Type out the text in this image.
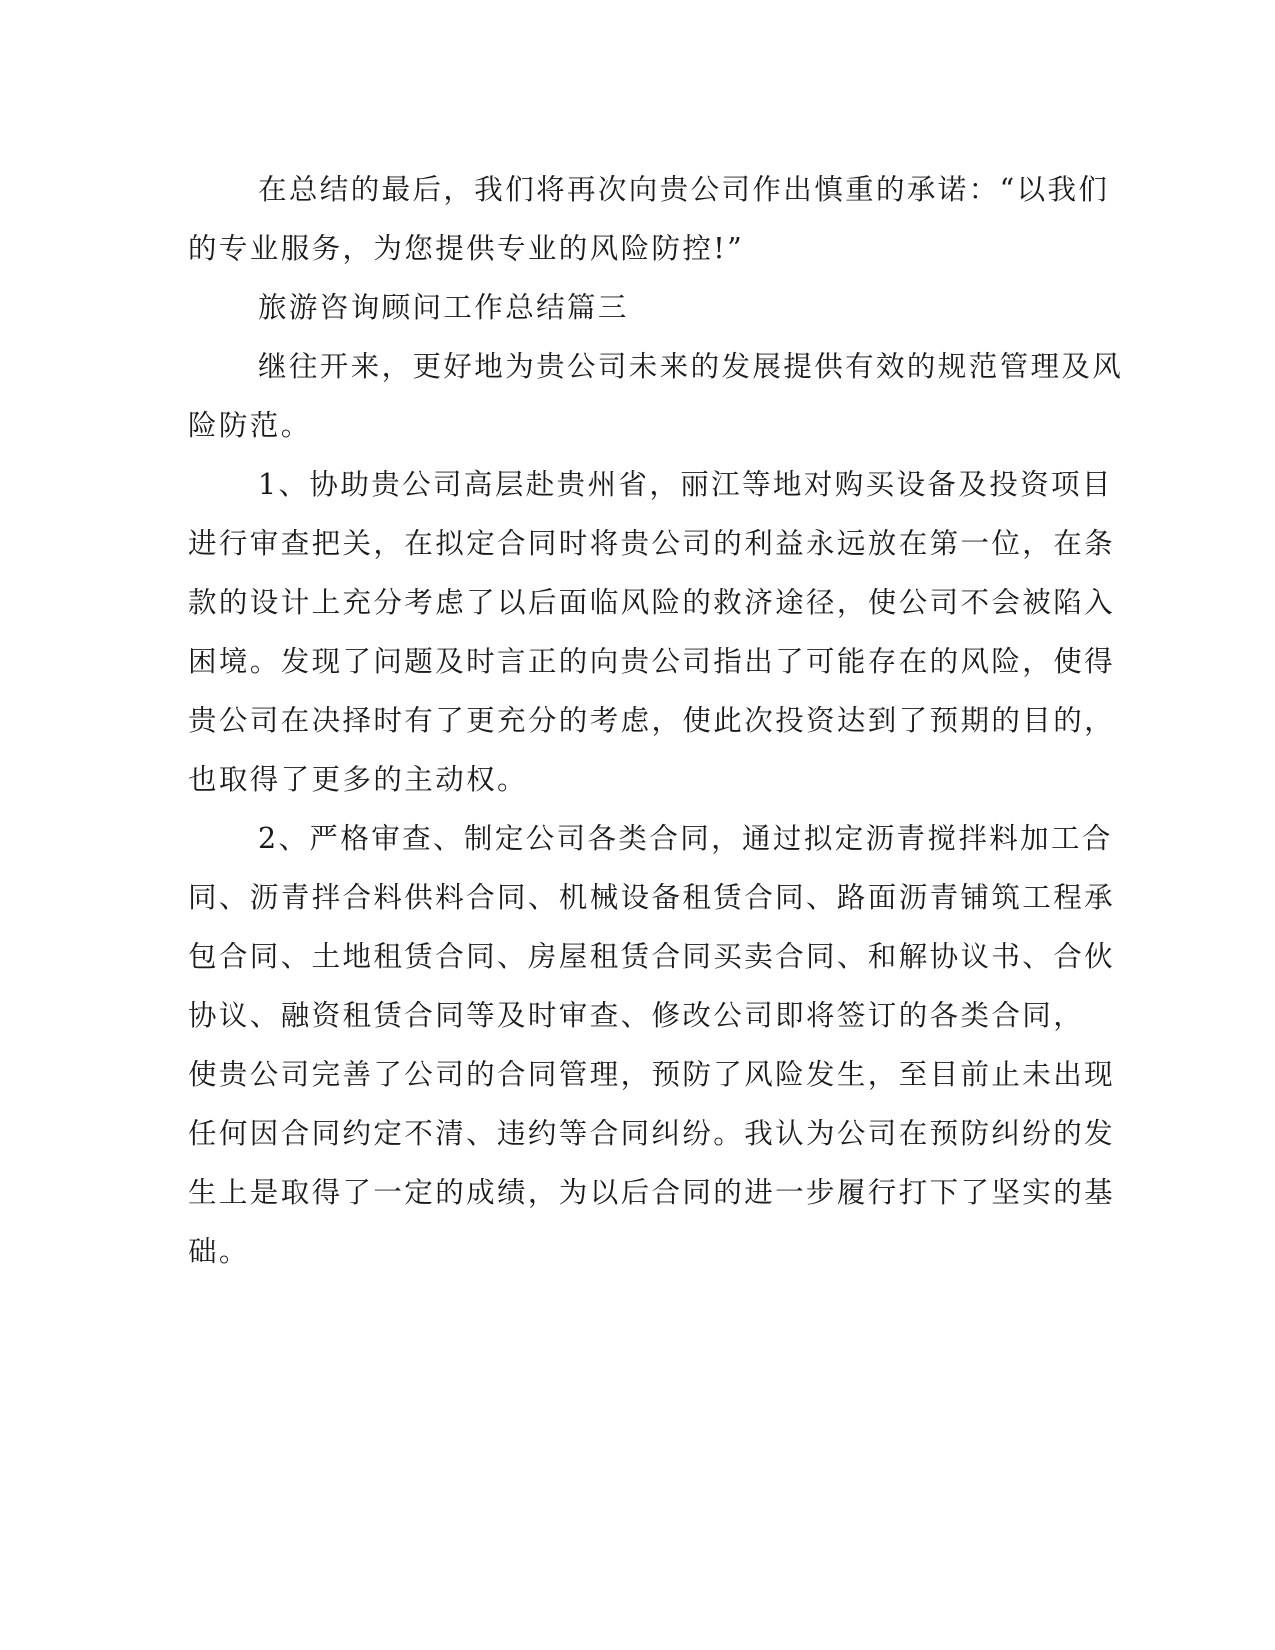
在总结的最后，我们将再次向贵公司作出慎重的承诺：“以我们
的专业服务，为您提供专业的风险防控!”
旅游咨询顾问工作总结篇三
继往开来，更好地为贵公司未来的发展提供有效的规范管理及风
险防范。
1、协助贵公司高层赴贵州省，丽江等地对购买设备及投资项目
进行审查把关，在拟定合同时将贵公司的利益永远放在第一位，在条
款的设计上充分考虑了以后面临风险的救济途径，使公司不会被陷入
困境。发现了问题及时言正的向贵公司指出了可能存在的风险，使得
贵公司在决择时有了更充分的考虑，使此次投资达到了预期的目的，
也取得了更多的主动权。
2、严格审查、制定公司各类合同，通过拟定沥青搅拌料加工合
同、沥青拌合料供料合同、机械设备租赁合同、路面沥青铺筑工程承
包合同、土地租赁合同、房屋租赁合同买卖合同、和解协议书、合伙
协议、融资租赁合同等及时审查、修改公司即将签订的各类合同，
使贵公司完善了公司的合同管理，预防了风险发生，至目前止未出现
任何因合同约定不清、违约等合同纠纷。我认为公司在预防纠纷的发
生上是取得了一定的成绩，为以后合同的进一步履行打下了坚实的基
础。
